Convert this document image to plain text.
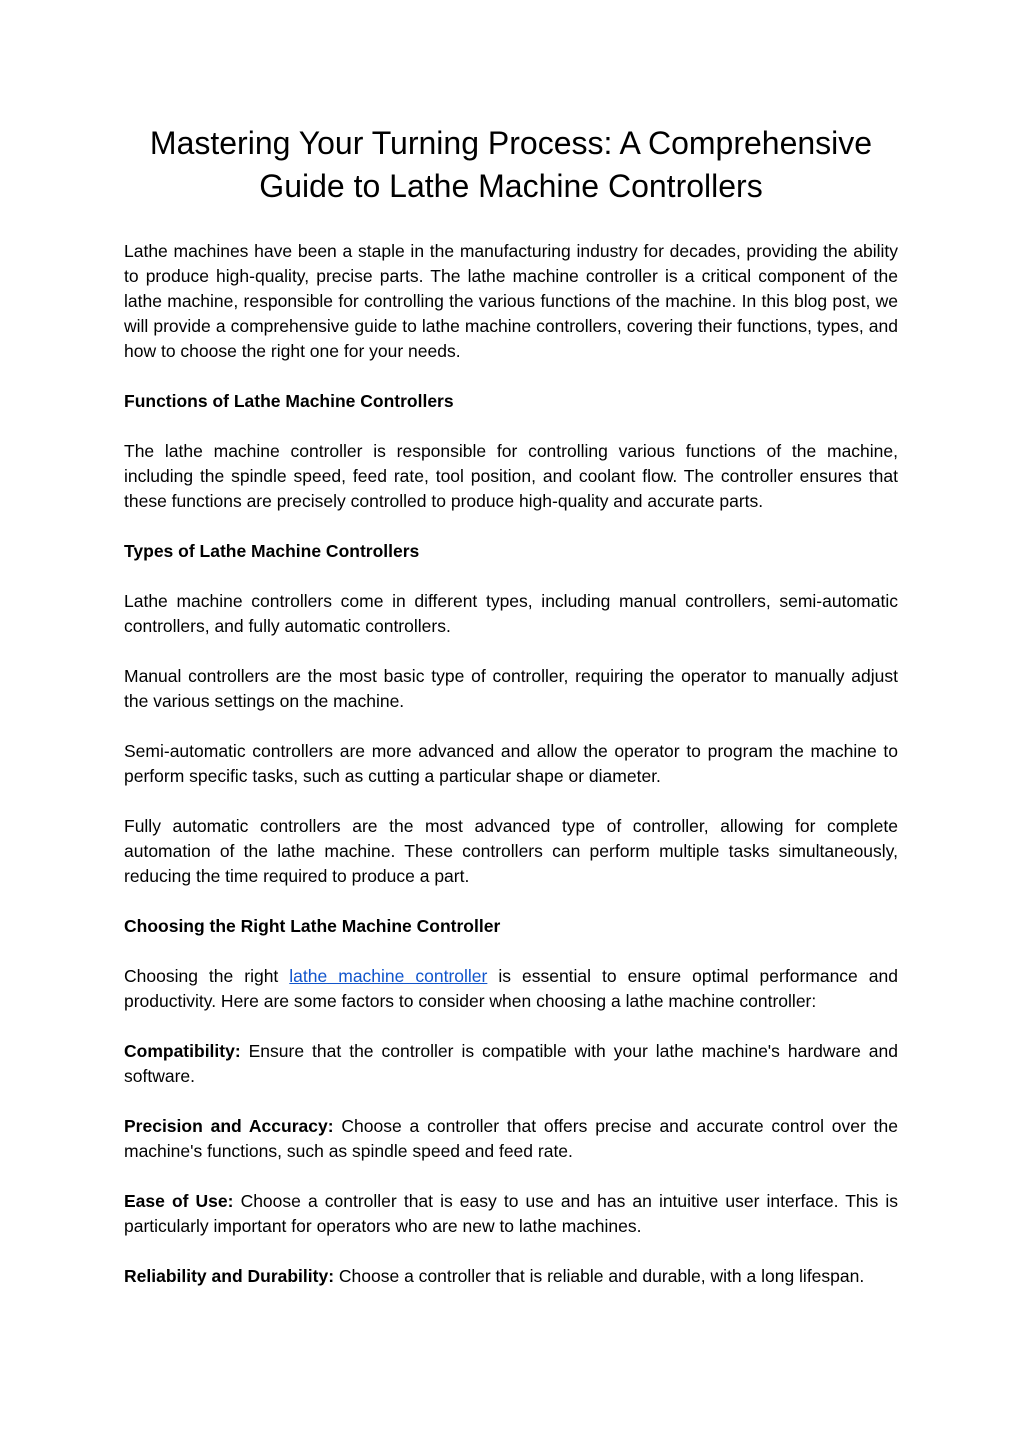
Mastering Your Turning Process: A Comprehensive Guide to Lathe Machine Controllers

Lathe machines have been a staple in the manufacturing industry for decades, providing the ability to produce high-quality, precise parts. The lathe machine controller is a critical component of the lathe machine, responsible for controlling the various functions of the machine. In this blog post, we will provide a comprehensive guide to lathe machine controllers, covering their functions, types, and how to choose the right one for your needs.

Functions of Lathe Machine Controllers

The lathe machine controller is responsible for controlling various functions of the machine, including the spindle speed, feed rate, tool position, and coolant flow. The controller ensures that these functions are precisely controlled to produce high-quality and accurate parts.

Types of Lathe Machine Controllers

Lathe machine controllers come in different types, including manual controllers, semi-automatic controllers, and fully automatic controllers.

Manual controllers are the most basic type of controller, requiring the operator to manually adjust the various settings on the machine.

Semi-automatic controllers are more advanced and allow the operator to program the machine to perform specific tasks, such as cutting a particular shape or diameter.

Fully automatic controllers are the most advanced type of controller, allowing for complete automation of the lathe machine. These controllers can perform multiple tasks simultaneously, reducing the time required to produce a part.

Choosing the Right Lathe Machine Controller

Choosing the right lathe machine controller is essential to ensure optimal performance and productivity. Here are some factors to consider when choosing a lathe machine controller:

Compatibility: Ensure that the controller is compatible with your lathe machine's hardware and software.

Precision and Accuracy: Choose a controller that offers precise and accurate control over the machine's functions, such as spindle speed and feed rate.

Ease of Use: Choose a controller that is easy to use and has an intuitive user interface. This is particularly important for operators who are new to lathe machines.

Reliability and Durability: Choose a controller that is reliable and durable, with a long lifespan.
